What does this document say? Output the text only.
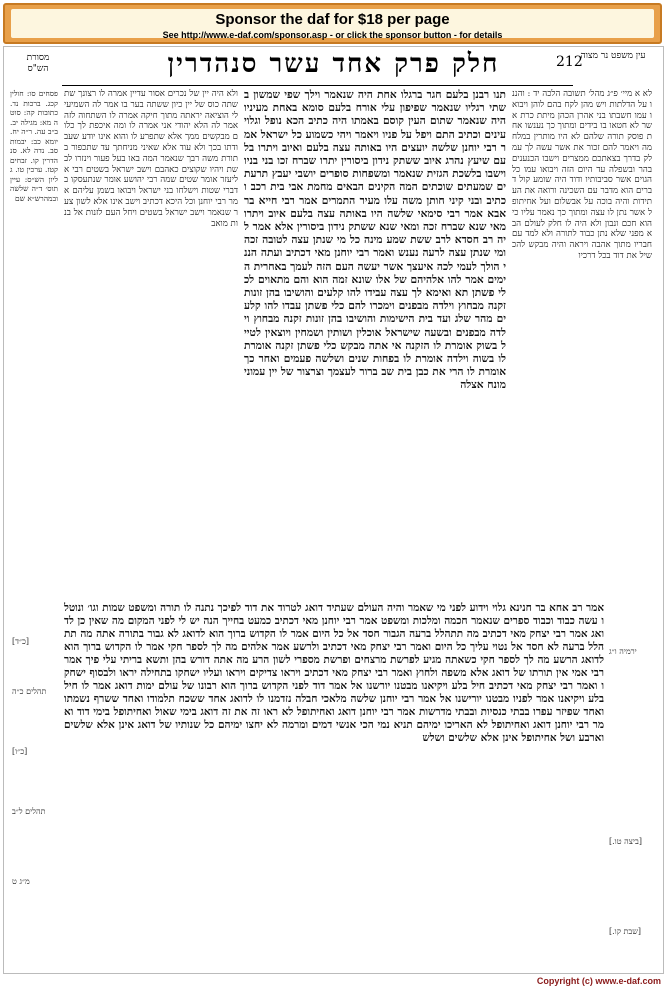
Sponsor the daf for $18 per page
See http://www.e-daf.com/sponsor.asp - or click the sponsor button - for details
מסורת הש"ס	חלק פרק אחד עשר סנהדרין	212
עין משפט נר מצוה
לא א מיי׳ פ״ג מהל׳ תשובה הלכה יד : והננו על הדלתות ויש מהן לקח בהם לוהן ויבואו עמו חשבתו בני אהרן הכהן מיתת כרת אשר לא חטאו בו בידים ומתוך כך נענשו אחת פוסק תורה שלהם לא היו מותרין במלחמה ויאמר להם זכור את אשר עשה לך עמלק בדרך בצאתכם ממצרים וישבו הכנענים בהר ובשפלה עד היום הזה ויבואו עמו כל הגוים אשר סביבותיו ודוד היה שומע קול דברים הוא מדבר עם השכינה ורואה את העתידות והיה בוכה על אבשלום ועל אחיתופל אשר נתן לו עצה ומתוך כך נאמר עליו כי הוא חכם ונבון ולא היה לו חלק לעולם הבא מפני שלא נתן כבוד לתורה ולא למד עם חבריו מתוך אהבה ויראה והיה מבקש להכשיל את דוד בכל דרכיו
תנו רבנן בלעם חגר ברגלו אחת היה שנאמר וילך שפי שמשון בשתי רגליו שנאמר שפיפון עלי אורח בלעם סומא באחת מעיניו היה שנאמר שתום העין קוסם באמתו היה כתיב הכא נופל וגלוי עינים וכתיב התם ויפל על פניו ויאמר ויהי כשמוע כל ישראל אמר רבי יוחנן שלשה יועצים היו באותה עצה בלעם ואיוב ויתרו בלעם שיעץ נהרג איוב ששתק נידון ביסורין יתרו שברח זכו בני בניו וישבו בלשכת הגזית שנאמר ומשפחות סופרים יושבי יעבץ תרעתים שמעתים שוכתים המה הקינים הבאים מחמת אבי בית רכב וכתיב ובני קיני חותן משה עלו מעיר התמרים אמר רבי חייא בר אבא אמר רבי סימאי שלשה היו באותה עצה בלעם איוב ויתרו מאי שנא שברח זכה ומאי שנא ששתק נידון ביסורין אלא אמר ליה רב חסדא לרב ששת שמע מינה כל מי שנתן עצה לטובה זכה ומי שנתן עצה לרעה נענש ואמר רבי יוחנן מאי דכתיב ועתה הנני הולך לעמי לכה איעצך אשר יעשה העם הזה לעמך באחרית הימים אמר להו אלהיהם של אלו שונא זמה הוא והם מתאוים לכלי פשתן תא ואימא לך עצה עבידו להו קלעים והושיבו בהן זונות זקנה מבחוץ וילדה מבפנים וימכרו להם כלי פשתן עבדו להו קלעים מהר שלג ועד בית הישימות והושיבו בהן זונות זקנה מבחוץ וילדה מבפנים ובשעה שישראל אוכלין ושותין ושמחין ויוצאין לטייל בשוק אומרת לו הזקנה אי אתה מבקש כלי פשתן זקנה אומרת לו בשוה וילדה אומרת לו בפחות שנים ושלשה פעמים ואחר כך אומרת לו הרי את כבן בית שב ברור לעצמך וצרצור של יין עמוני מונח אצלה
ולא היה יין של נכרים אסור עדיין אמרה לו רצונך שתשתה כוס של יין כיון ששתה בער בו אמר לה השמיעי לי הוציאה יראתה מתוך חיקה אמרה לו השתחוה לזה אמר לה הלא יהודי אני אמרה לו ומה איכפת לך כלום מבקשים ממך אלא שתפרע לו והוא אינו יודע שעבודתו בכך ולא עוד אלא שאיני מניחתך עד שתכפור בתורת משה רבך שנאמר המה באו בעל פעור וינזרו לבשת ויהיו שקוצים כאהבם וישב ישראל בשטים רבי אליעזר אומר שטים שמה רבי יהושע אומר שנתעסקו בדברי שטות וישלחו בני ישראל ויבואו בשמן עליהם אמר רבי יוחנן וכל היכא דכתיב וישב אינו אלא לשון צער שנאמר וישב ישראל בשטים ויחל העם לזנות אל בנות מואב
פסחים סו: חולין קכג. ברכות נד. כתובות קה: סוטה מא: מגילה יב. ב״ב עה. ר״ה יח. יומא כב: יבמות סב. נדה לא. סנהדרין קו. זבחים קטז. ערכין טו. גליון הש״ס: עיין תוס׳ ד״ה שלשה ובמהרש״א שם
אמר רב אחא בר חנינא גלוי וידוע לפני מי שאמר והיה העולם שעתיד דואג לטרוד את דוד לפיכך נתנה לו תורה ומשפט שמות וגו׳ ונוטלו עשה כבוד וכבוד ספרים שנאמר חכמה ומלכות ומשפט אמר רבי יוחנן מאי דכתיב כמעט בחייך הנה יש לי לפני המקום מה שאין כן לדואג אמר רבי יצחק מאי דכתיב מה תתהלל ברעה הגבור חסד אל כל היום אמר לו הקדוש ברוך הוא לדואג לא גבור בתורה אתה מה תתהלל ברעה לא חסד אל נטוי עליך כל היום ואמר רבי יצחק מאי דכתיב ולרשע אמר אלהים מה לך לספר חקי אמר לו הקדוש ברוך הוא לדואג הרשע מה לך לספר חקי כשאתה מגיע לפרשת מרצחים ופרשת מספרי לשון הרע מה אתה דורש בהן ותשא בריתי עלי פיך אמר רבי אמי אין תורתו של דואג אלא משפה ולחוץ ואמר רבי יצחק מאי דכתיב ויראו צדיקים ויראו ועליו ישחקו בתחילה יראו ולבסוף ישחקו ואמר רבי יצחק מאי דכתיב חיל בלע ויקיאנו מבטנו יורשנו אל אמר דוד לפני הקדוש ברוך הוא רבונו של עולם ימות דואג אמר לו חיל בלע ויקיאנו אמר לפניו מבטנו יורישנו אל אמר רבי יוחנן שלשה מלאכי חבלה נזדמנו לו לדואג אחד ששכח תלמודו ואחד ששרף נשמתו ואחד שפיזר עפרו בבתי כנסיות ובבתי מדרשות אמר רבי יוחנן דואג ואחיתופל לא ראו זה את זה דואג בימי שאול ואחיתופל בימי דוד ואמר רבי יוחנן דואג ואחיתופל לא האריכו ימיהם תניא נמי הכי אנשי דמים ומרמה לא יחצו ימיהם כל שנותיו של דואג אינן אלא שלשים וארבע ושל אחיתופל אינן אלא שלשים ושלש
[כ״ד]
תהלים כ״ה
[כ״ו]
תהלים ל״ב
מ״ג ט
[ביצה טו.]
[שבת קו.]
ירמיה ו״ג
Copyright (c) www.e-daf.com
